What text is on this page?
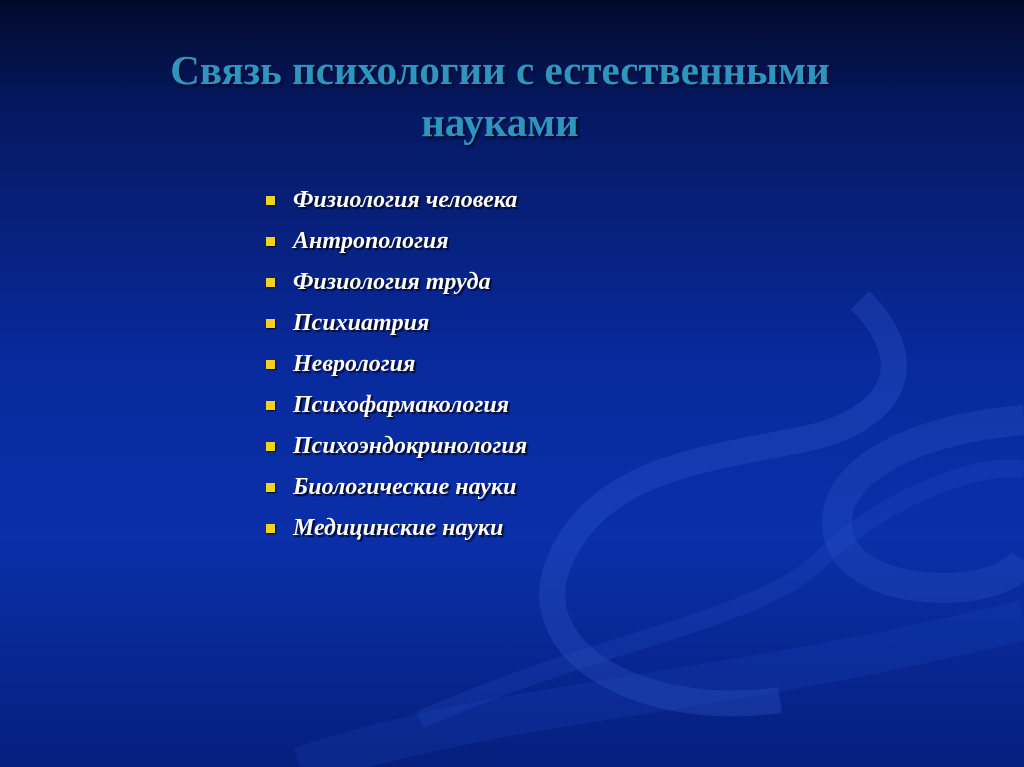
Связь психологии с естественными
науками
Физиология человека
Антропология
Физиология труда
Психиатрия
Неврология
Психофармакология
Психоэндокринология
Биологические науки
Медицинские науки
